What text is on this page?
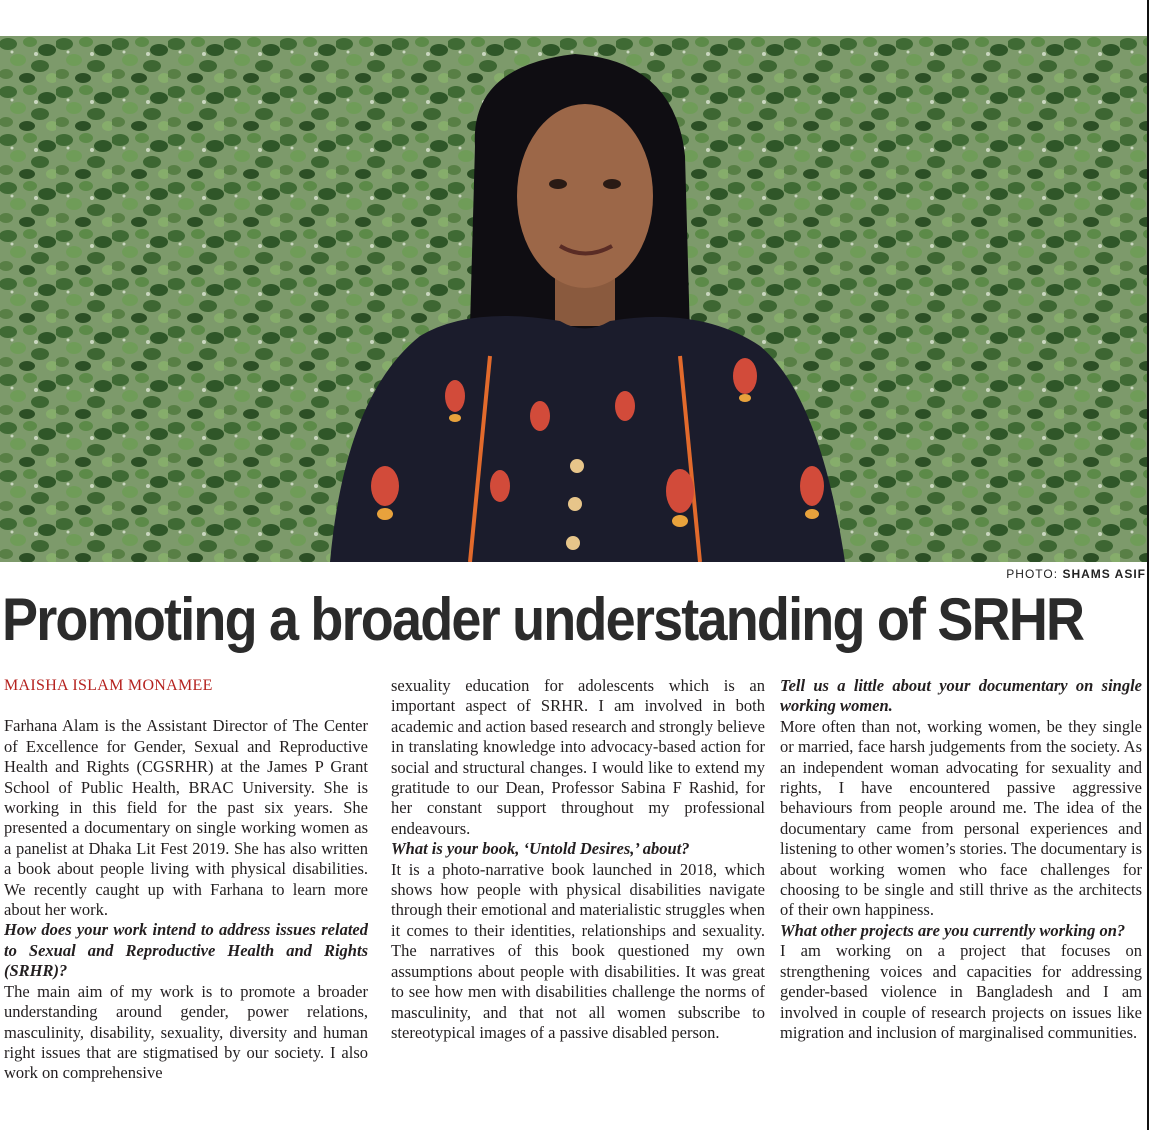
PHOTO: SHAMS ASIF
Promoting a broader understanding of SRHR

MAISHA ISLAM MONAMEE

Farhana Alam is the Assistant Director of The Center of Excellence for Gender, Sexual and Reproductive Health and Rights (CGSRHR) at the James P Grant School of Public Health, BRAC University. She is working in this field for the past six years. She presented a documentary on single working women as a panelist at Dhaka Lit Fest 2019. She has also written a book about people living with physical disabilities. We recently caught up with Farhana to learn more about her work.

How does your work intend to address issues related to Sexual and Reproductive Health and Rights (SRHR)?

The main aim of my work is to promote a broader understanding around gender, power relations, masculinity, disability, sexuality, diversity and human right issues that are stigmatised by our society. I also work on comprehensive

sexuality education for adolescents which is an important aspect of SRHR. I am involved in both academic and action based research and strongly believe in translating knowledge into advocacy-based action for social and structural changes. I would like to extend my gratitude to our Dean, Professor Sabina F Rashid, for her constant support throughout my professional endeavours.

What is your book, ‘Untold Desires,’ about?

It is a photo-narrative book launched in 2018, which shows how people with physical disabilities navigate through their emotional and materialistic struggles when it comes to their identities, relationships and sexuality. The narratives of this book questioned my own assumptions about people with disabilities. It was great to see how men with disabilities challenge the norms of masculinity, and that not all women subscribe to stereotypical images of a passive disabled person.

Tell us a little about your documentary on single working women.

More often than not, working women, be they single or married, face harsh judgements from the society. As an independent woman advocating for sexuality and rights, I have encountered passive aggressive behaviours from people around me. The idea of the documentary came from personal experiences and listening to other women’s stories. The documentary is about working women who face challenges for choosing to be single and still thrive as the architects of their own happiness.

What other projects are you currently working on?

I am working on a project that focuses on strengthening voices and capacities for addressing gender-based violence in Bangladesh and I am involved in couple of research projects on issues like migration and inclusion of marginalised communities.
